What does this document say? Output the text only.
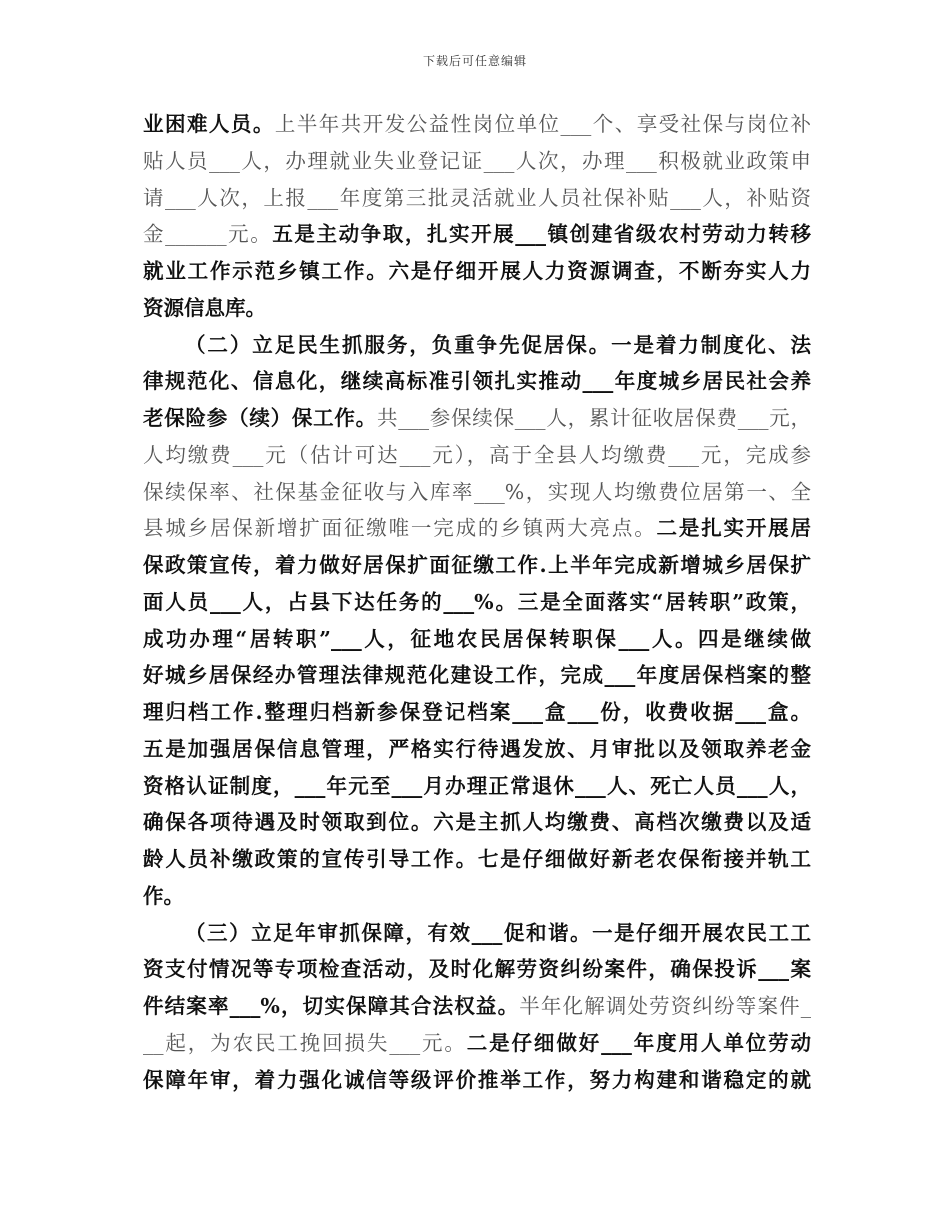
下载后可任意编辑
业困难人员。上半年共开发公益性岗位单位___个、享受社保与岗位补
贴人员___人，办理就业失业登记证___人次，办理___积极就业政策申
请___人次，上报___年度第三批灵活就业人员社保补贴___人，补贴资
金______元。五是主动争取，扎实开展___镇创建省级农村劳动力转移
就业工作示范乡镇工作。六是仔细开展人力资源调查，不断夯实人力
资源信息库。
（二）立足民生抓服务，负重争先促居保。一是着力制度化、法
律规范化、信息化，继续高标准引领扎实推动___年度城乡居民社会养
老保险参（续）保工作。共___参保续保___人，累计征收居保费___元，
人均缴费___元（估计可达___元），高于全县人均缴费___元，完成参
保续保率、社保基金征收与入库率___%，实现人均缴费位居第一、全
县城乡居保新增扩面征缴唯一完成的乡镇两大亮点。二是扎实开展居
保政策宣传，着力做好居保扩面征缴工作.上半年完成新增城乡居保扩
面人员___人，占县下达任务的___%。三是全面落实“居转职”政策，
成功办理“居转职”___人，征地农民居保转职保___人。四是继续做
好城乡居保经办管理法律规范化建设工作，完成___年度居保档案的整
理归档工作.整理归档新参保登记档案___盒___份，收费收据___盒。
五是加强居保信息管理，严格实行待遇发放、月审批以及领取养老金
资格认证制度，___年元至___月办理正常退休___人、死亡人员___人，
确保各项待遇及时领取到位。六是主抓人均缴费、高档次缴费以及适
龄人员补缴政策的宣传引导工作。七是仔细做好新老农保衔接并轨工
作。
（三）立足年审抓保障，有效___促和谐。一是仔细开展农民工工
资支付情况等专项检查活动，及时化解劳资纠纷案件，确保投诉___案
件结案率___%，切实保障其合法权益。半年化解调处劳资纠纷等案件_
__起，为农民工挽回损失___元。二是仔细做好___年度用人单位劳动
保障年审，着力强化诚信等级评价推举工作，努力构建和谐稳定的就
